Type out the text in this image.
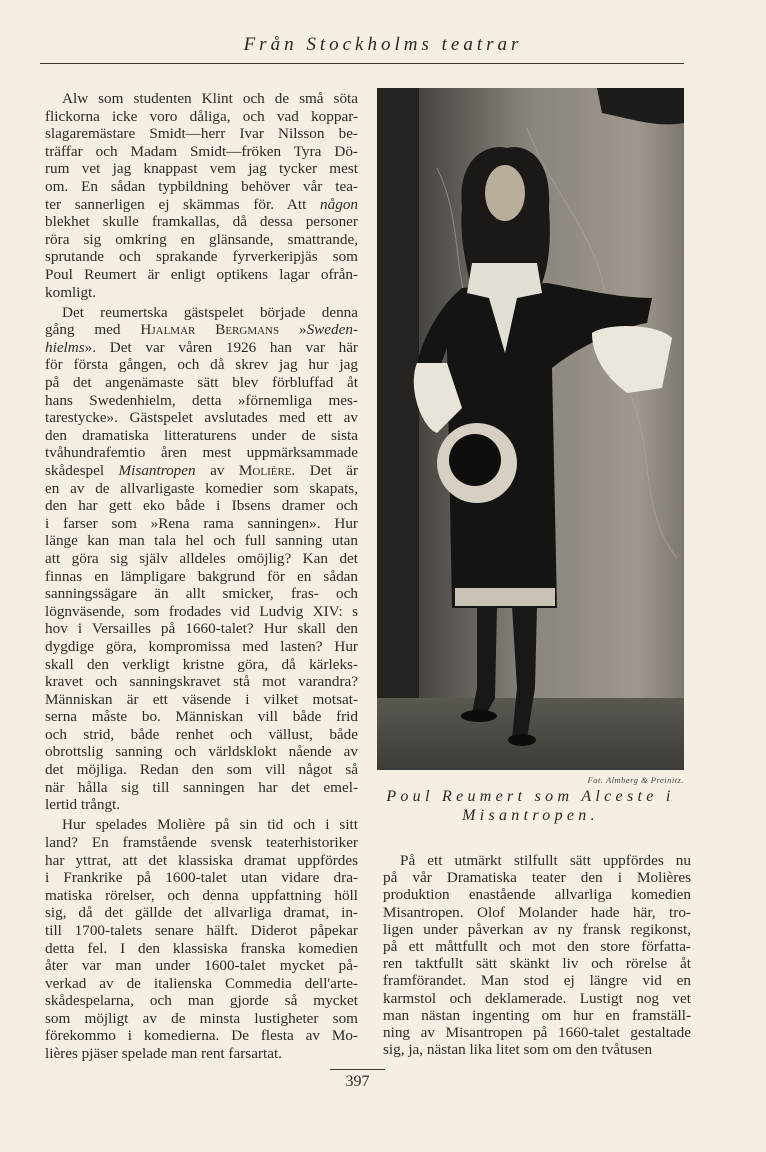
Från Stockholms teatrar
Alw som studenten Klint och de små söta
flickorna icke voro dåliga, och vad koppar-
slagaremästare Smidt—herr Ivar Nilsson be-
träffar och Madam Smidt—fröken Tyra Dö-
rum vet jag knappast vem jag tycker mest
om. En sådan typbildning behöver vår tea-
ter sannerligen ej skämmas för. Att någon
blekhet skulle framkallas, då dessa personer
röra sig omkring en glänsande, smattrande,
sprutande och sprakande fyrverkeripjäs som
Poul Reumert är enligt optikens lagar ofrån-
komligt.
Det reumertska gästspelet började denna
gång med Hjalmar Bergmans »Sweden-
hielms». Det var våren 1926 han var här
för första gången, och då skrev jag hur jag
på det angenämaste sätt blev förbluffad åt
hans Swedenhielm, detta »förnemliga mes-
tarestycke». Gästspelet avslutades med ett av
den dramatiska litteraturens under de sista
tvåhundrafemtio åren mest uppmärksammade
skådespel Misantropen av Molière. Det är
en av de allvarligaste komedier som skapats,
den har gett eko både i Ibsens dramer och
i farser som »Rena rama sanningen». Hur
länge kan man tala hel och full sanning utan
att göra sig själv alldeles omöjlig? Kan det
finnas en lämpligare bakgrund för en sådan
sanningssägare än allt smicker, fras- och
lögnväsende, som frodades vid Ludvig XIV: s
hov i Versailles på 1660-talet? Hur skall den
dygdige göra, kompromissa med lasten? Hur
skall den verkligt kristne göra, då kärleks-
kravet och sanningskravet stå mot varandra?
Människan är ett väsende i vilket motsat-
serna måste bo. Människan vill både frid
och strid, både renhet och vällust, både
obrottslig sanning och världsklokt nående av
det möjliga. Redan den som vill något så
när hålla sig till sanningen har det emel-
lertid trångt.
Hur spelades Molière på sin tid och i sitt
land? En framstående svensk teaterhistoriker
har yttrat, att det klassiska dramat uppfördes
i Frankrike på 1600-talet utan vidare dra-
matiska rörelser, och denna uppfattning höll
sig, då det gällde det allvarliga dramat, in-
till 1700-talets senare hälft. Diderot påpekar
detta fel. I den klassiska franska komedien
åter var man under 1600-talet mycket på-
verkad av de italienska Commedia dell'arte-
skådespelarna, och man gjorde så mycket
som möjligt av de minsta lustigheter som
förekommo i komedierna. De flesta av Mo-
lières pjäser spelade man rent farsartat.
Fot. Almberg & Preinitz.
Poul Reumert som Alceste i
Misantropen.
På ett utmärkt stilfullt sätt uppfördes nu
på vår Dramatiska teater den i Molières
produktion enastående allvarliga komedien
Misantropen. Olof Molander hade här, tro-
ligen under påverkan av ny fransk regikonst,
på ett måttfullt och mot den store författa-
ren taktfullt sätt skänkt liv och rörelse åt
framförandet. Man stod ej längre vid en
karmstol och deklamerade. Lustigt nog vet
man nästan ingenting om hur en framställ-
ning av Misantropen på 1660-talet gestaltade
sig, ja, nästan lika litet som om den tvåtusen
397
